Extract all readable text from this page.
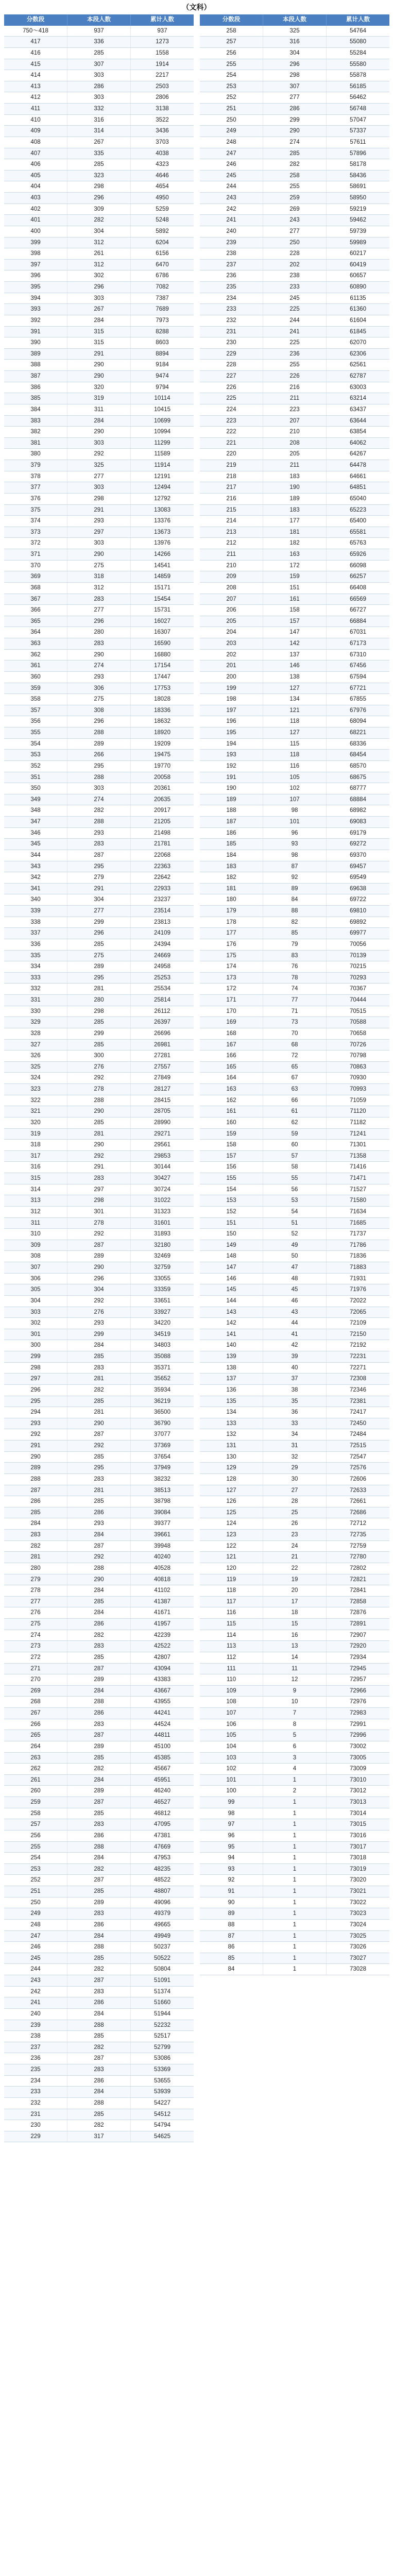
（文科）
分数段	本段人数	累计人数
750～418	937	937
417	336	1273
416	285	1558
415	307	1914
414	303	2217
413	286	2503
412	303	2806
411	332	3138
410	316	3522
409	314	3436
408	267	3703
407	335	4038
406	285	4323
405	323	4646
404	298	4654
403	296	4950
402	309	5259
401	282	5248
400	304	5892
399	312	6204
398	261	6156
397	312	6470
396	302	6786
395	296	7082
394	303	7387
393	267	7689
392	284	7973
391	315	8288
390	315	8603
389	291	8894
388	290	9184
387	290	9474
386	320	9794
385	319	10114
384	311	10415
383	284	10699
382	290	10994
381	303	11299
380	292	11589
379	325	11914
378	277	12191
377	303	12494
376	298	12792
375	291	13083
374	293	13376
373	297	13673
372	303	13976
371	290	14266
370	275	14541
369	318	14859
368	312	15171
367	283	15454
366	277	15731
365	296	16027
364	280	16307
363	283	16590
362	290	16880
361	274	17154
360	293	17447
359	306	17753
358	275	18028
357	308	18336
356	296	18632
355	288	18920
354	289	19209
353	266	19475
352	295	19770
351	288	20058
350	303	20361
349	274	20635
348	282	20917
347	288	21205
346	293	21498
345	283	21781
344	287	22068
343	295	22363
342	279	22642
341	291	22933
340	304	23237
339	277	23514
338	299	23813
337	296	24109
336	285	24394
335	275	24669
334	289	24958
333	295	25253
332	281	25534
331	280	25814
330	298	26112
329	285	26397
328	299	26696
327	285	26981
326	300	27281
325	276	27557
324	292	27849
323	278	28127
322	288	28415
321	290	28705
320	285	28990
319	281	29271
318	290	29561
317	292	29853
316	291	30144
315	283	30427
314	297	30724
313	298	31022
312	301	31323
311	278	31601
310	292	31893
309	287	32180
308	289	32469
307	290	32759
306	296	33055
305	304	33359
304	292	33651
303	276	33927
302	293	34220
301	299	34519
300	284	34803
299	285	35088
298	283	35371
297	281	35652
296	282	35934
295	285	36219
294	281	36500
293	290	36790
292	287	37077
291	292	37369
290	285	37654
289	295	37949
288	283	38232
287	281	38513
286	285	38798
285	286	39084
284	293	39377
283	284	39661
282	287	39948
281	292	40240
280	288	40528
279	290	40818
278	284	41102
277	285	41387
276	284	41671
275	286	41957
274	282	42239
273	283	42522
272	285	42807
271	287	43094
270	289	43383
269	284	43667
268	288	43955
267	286	44241
266	283	44524
265	287	44811
264	289	45100
263	285	45385
262	282	45667
261	284	45951
260	289	46240
259	287	46527
258	285	46812
257	283	47095
256	286	47381
255	288	47669
254	284	47953
253	282	48235
252	287	48522
251	285	48807
250	289	49096
249	283	49379
248	286	49665
247	284	49949
246	288	50237
245	285	50522
244	282	50804
243	287	51091
242	283	51374
241	286	51660
240	284	51944
239	288	52232
238	285	52517
237	282	52799
236	287	53086
235	283	53369
234	286	53655
233	284	53939
232	288	54227
231	285	54512
230	282	54794
229	317	54625
分数段	本段人数	累计人数
258	325	54764
257	316	55080
256	304	55284
255	296	55580
254	298	55878
253	307	56185
252	277	56462
251	286	56748
250	299	57047
249	290	57337
248	274	57611
247	285	57896
246	282	58178
245	258	58436
244	255	58691
243	259	58950
242	269	59219
241	243	59462
240	277	59739
239	250	59989
238	228	60217
237	202	60419
236	238	60657
235	233	60890
234	245	61135
233	225	61360
232	244	61604
231	241	61845
230	225	62070
229	236	62306
228	255	62561
227	226	62787
226	216	63003
225	211	63214
224	223	63437
223	207	63644
222	210	63854
221	208	64062
220	205	64267
219	211	64478
218	183	64661
217	190	64851
216	189	65040
215	183	65223
214	177	65400
213	181	65581
212	182	65763
211	163	65926
210	172	66098
209	159	66257
208	151	66408
207	161	66569
206	158	66727
205	157	66884
204	147	67031
203	142	67173
202	137	67310
201	146	67456
200	138	67594
199	127	67721
198	134	67855
197	121	67976
196	118	68094
195	127	68221
194	115	68336
193	118	68454
192	116	68570
191	105	68675
190	102	68777
189	107	68884
188	98	68982
187	101	69083
186	96	69179
185	93	69272
184	98	69370
183	87	69457
182	92	69549
181	89	69638
180	84	69722
179	88	69810
178	82	69892
177	85	69977
176	79	70056
175	83	70139
174	76	70215
173	78	70293
172	74	70367
171	77	70444
170	71	70515
169	73	70588
168	70	70658
167	68	70726
166	72	70798
165	65	70863
164	67	70930
163	63	70993
162	66	71059
161	61	71120
160	62	71182
159	59	71241
158	60	71301
157	57	71358
156	58	71416
155	55	71471
154	56	71527
153	53	71580
152	54	71634
151	51	71685
150	52	71737
149	49	71786
148	50	71836
147	47	71883
146	48	71931
145	45	71976
144	46	72022
143	43	72065
142	44	72109
141	41	72150
140	42	72192
139	39	72231
138	40	72271
137	37	72308
136	38	72346
135	35	72381
134	36	72417
133	33	72450
132	34	72484
131	31	72515
130	32	72547
129	29	72576
128	30	72606
127	27	72633
126	28	72661
125	25	72686
124	26	72712
123	23	72735
122	24	72759
121	21	72780
120	22	72802
119	19	72821
118	20	72841
117	17	72858
116	18	72876
115	15	72891
114	16	72907
113	13	72920
112	14	72934
111	11	72945
110	12	72957
109	9	72966
108	10	72976
107	7	72983
106	8	72991
105	5	72996
104	6	73002
103	3	73005
102	4	73009
101	1	73010
100	2	73012
99	1	73013
98	1	73014
97	1	73015
96	1	73016
95	1	73017
94	1	73018
93	1	73019
92	1	73020
91	1	73021
90	1	73022
89	1	73023
88	1	73024
87	1	73025
86	1	73026
85	1	73027
84	1	73028
